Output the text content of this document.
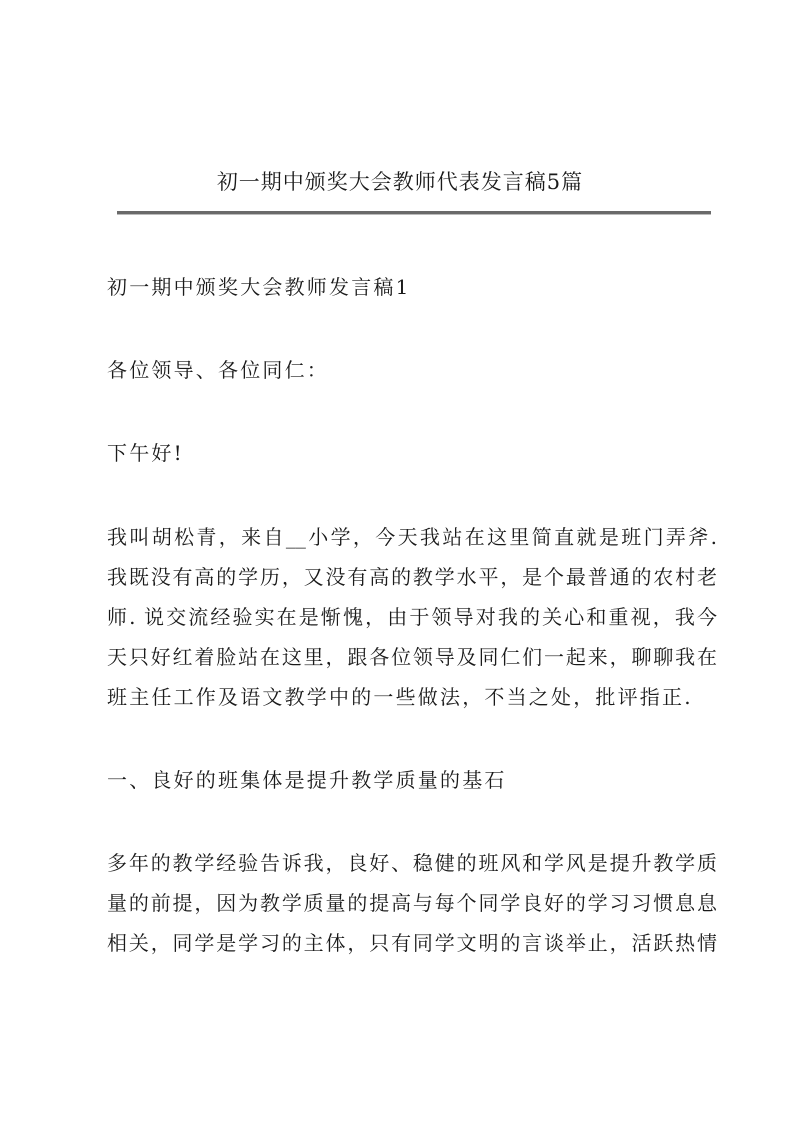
初一期中颁奖大会教师代表发言稿5篇
初一期中颁奖大会教师发言稿1
各位领导、各位同仁：
下午好!
我叫胡松青，来自__小学，今天我站在这里简直就是班门弄斧.
我既没有高的学历，又没有高的教学水平，是个最普通的农村老
师. 说交流经验实在是惭愧，由于领导对我的关心和重视，我今
天只好红着脸站在这里，跟各位领导及同仁们一起来，聊聊我在
班主任工作及语文教学中的一些做法，不当之处，批评指正.
一、良好的班集体是提升教学质量的基石
多年的教学经验告诉我，良好、稳健的班风和学风是提升教学质
量的前提，因为教学质量的提高与每个同学良好的学习习惯息息
相关，同学是学习的主体，只有同学文明的言谈举止，活跃热情
